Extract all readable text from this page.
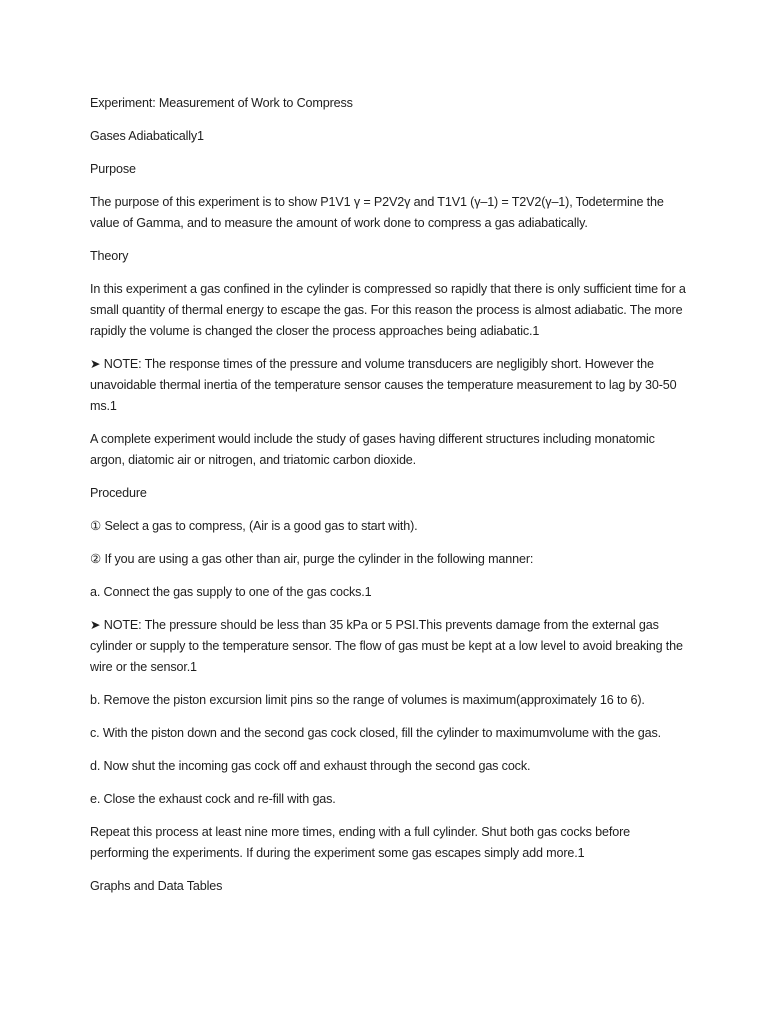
Experiment: Measurement of Work to Compress

Gases Adiabatically1

Purpose

The purpose of this experiment is to show P1V1 γ = P2V2γ and T1V1 (γ–1) = T2V2(γ–1), Todetermine the value of Gamma, and to measure the amount of work done to compress a gas adiabatically.

Theory

In this experiment a gas confined in the cylinder is compressed so rapidly that there is only sufficient time for a small quantity of thermal energy to escape the gas. For this reason the process is almost adiabatic. The more rapidly the volume is changed the closer the process approaches being adiabatic.1

➤ NOTE: The response times of the pressure and volume transducers are negligibly short. However the unavoidable thermal inertia of the temperature sensor causes the temperature measurement to lag by 30-50 ms.1

A complete experiment would include the study of gases having different structures including monatomic argon, diatomic air or nitrogen, and triatomic carbon dioxide.

Procedure

① Select a gas to compress, (Air is a good gas to start with).

② If you are using a gas other than air, purge the cylinder in the following manner:

a. Connect the gas supply to one of the gas cocks.1

➤ NOTE: The pressure should be less than 35 kPa or 5 PSI.This prevents damage from the external gas cylinder or supply to the temperature sensor. The flow of gas must be kept at a low level to avoid breaking the wire or the sensor.1

b. Remove the piston excursion limit pins so the range of volumes is maximum(approximately 16 to 6).

c. With the piston down and the second gas cock closed, fill the cylinder to maximumvolume with the gas.

d. Now shut the incoming gas cock off and exhaust through the second gas cock.

e. Close the exhaust cock and re-fill with gas.

Repeat this process at least nine more times, ending with a full cylinder. Shut both gas cocks before performing the experiments. If during the experiment some gas escapes simply add more.1

Graphs and Data Tables
